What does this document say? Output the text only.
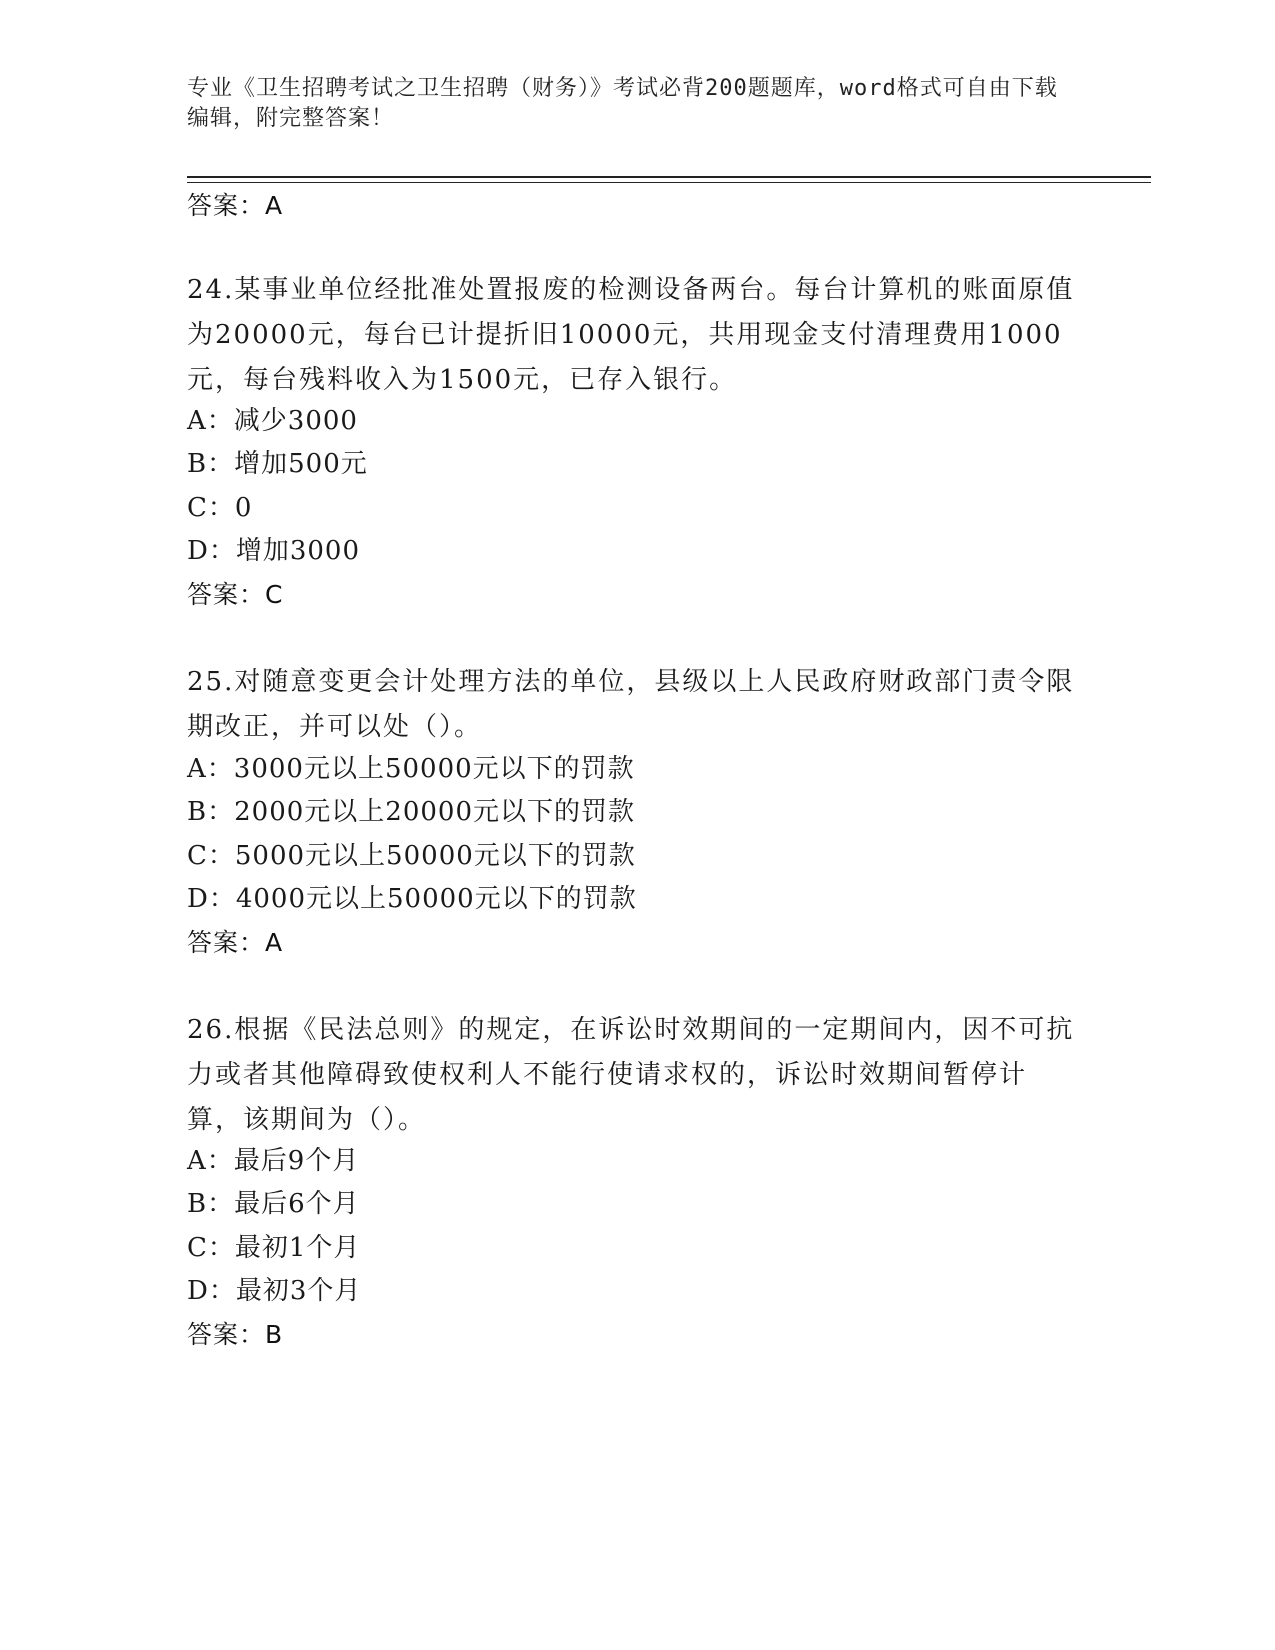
专业《卫生招聘考试之卫生招聘（财务）》考试必背200题题库，word格式可自由下载编辑，附完整答案！
答案：A
24.某事业单位经批准处置报废的检测设备两台。每台计算机的账面原值为20000元，每台已计提折旧10000元，共用现金支付清理费用1000元，每台残料收入为1500元，已存入银行。
A：减少3000
B：增加500元
C：0
D：增加3000
答案：C
25.对随意变更会计处理方法的单位，县级以上人民政府财政部门责令限期改正，并可以处（）。
A：3000元以上50000元以下的罚款
B：2000元以上20000元以下的罚款
C：5000元以上50000元以下的罚款
D：4000元以上50000元以下的罚款
答案：A
26.根据《民法总则》的规定，在诉讼时效期间的一定期间内，因不可抗力或者其他障碍致使权利人不能行使请求权的，诉讼时效期间暂停计算，该期间为（）。
A：最后9个月
B：最后6个月
C：最初1个月
D：最初3个月
答案：B
